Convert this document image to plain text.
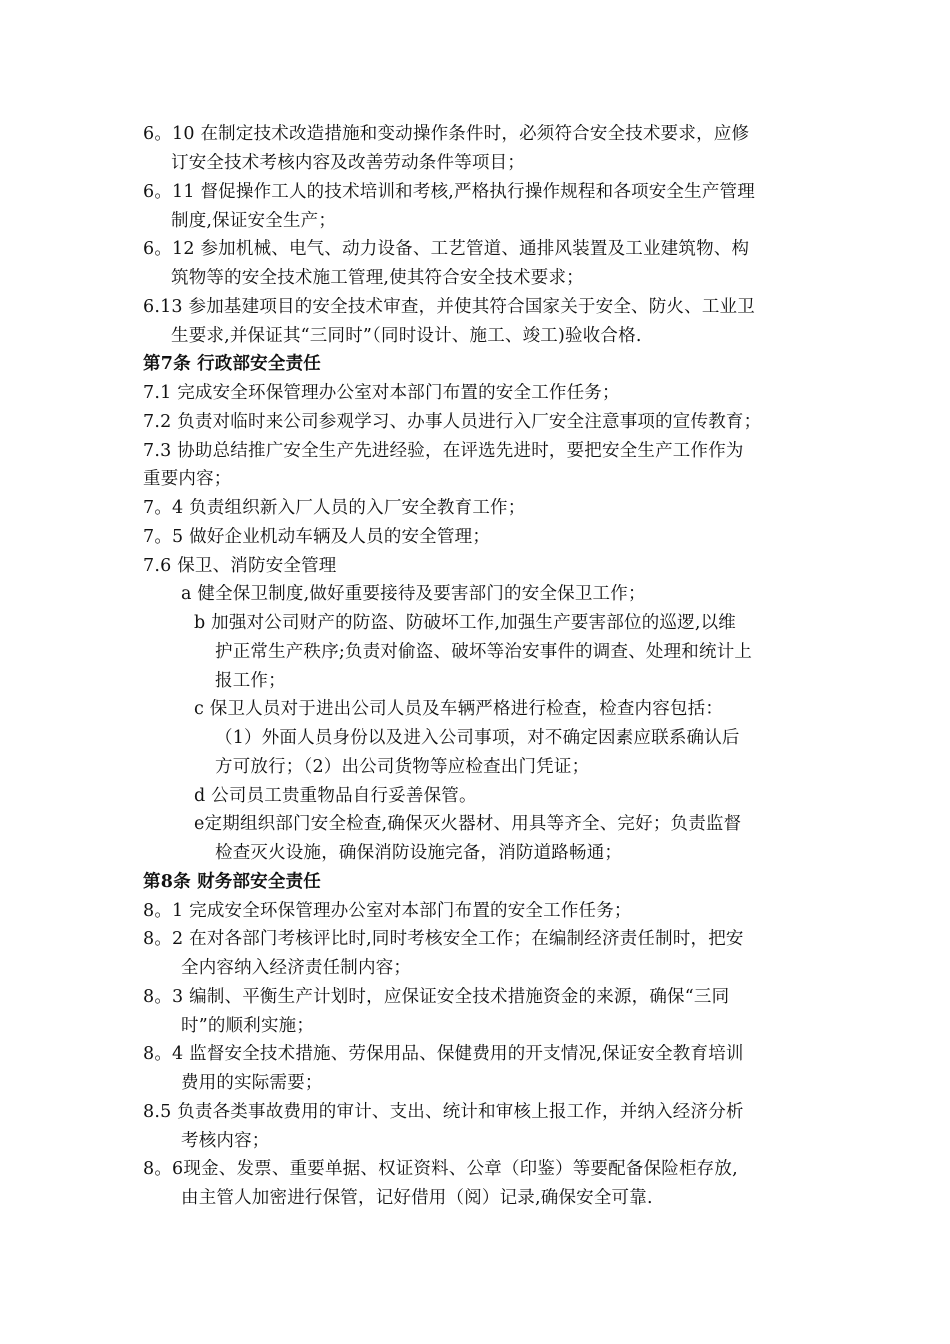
6。10 在制定技术改造措施和变动操作条件时，必须符合安全技术要求，应修
订安全技术考核内容及改善劳动条件等项目；
6。11 督促操作工人的技术培训和考核,严格执行操作规程和各项安全生产管理
制度,保证安全生产；
6。12 参加机械、电气、动力设备、工艺管道、通排风装置及工业建筑物、构
筑物等的安全技术施工管理,使其符合安全技术要求；
6.13 参加基建项目的安全技术审查，并使其符合国家关于安全、防火、工业卫
生要求,并保证其“三同时”（同时设计、施工、竣工)验收合格.
第7条 行政部安全责任
7.1 完成安全环保管理办公室对本部门布置的安全工作任务；
7.2 负责对临时来公司参观学习、办事人员进行入厂安全注意事项的宣传教育；
7.3 协助总结推广安全生产先进经验，在评选先进时，要把安全生产工作作为
重要内容；
7。4 负责组织新入厂人员的入厂安全教育工作；
7。5 做好企业机动车辆及人员的安全管理；
7.6 保卫、消防安全管理
a 健全保卫制度,做好重要接待及要害部门的安全保卫工作；
b 加强对公司财产的防盗、防破坏工作,加强生产要害部位的巡逻,以维
护正常生产秩序;负责对偷盗、破坏等治安事件的调查、处理和统计上
报工作；
c 保卫人员对于进出公司人员及车辆严格进行检查，检查内容包括：
（1）外面人员身份以及进入公司事项，对不确定因素应联系确认后
方可放行；（2）出公司货物等应检查出门凭证；
d 公司员工贵重物品自行妥善保管。
e定期组织部门安全检查,确保灭火器材、用具等齐全、完好；负责监督
检查灭火设施，确保消防设施完备，消防道路畅通；
第8条 财务部安全责任
8。1 完成安全环保管理办公室对本部门布置的安全工作任务；
8。2 在对各部门考核评比时,同时考核安全工作；在编制经济责任制时，把安
全内容纳入经济责任制内容；
8。3 编制、平衡生产计划时，应保证安全技术措施资金的来源，确保“三同
时”的顺利实施；
8。4 监督安全技术措施、劳保用品、保健费用的开支情况,保证安全教育培训
费用的实际需要；
8.5 负责各类事故费用的审计、支出、统计和审核上报工作，并纳入经济分析
考核内容；
8。6现金、发票、重要单据、权证资料、公章（印鉴）等要配备保险柜存放,
由主管人加密进行保管，记好借用（阅）记录,确保安全可靠.
